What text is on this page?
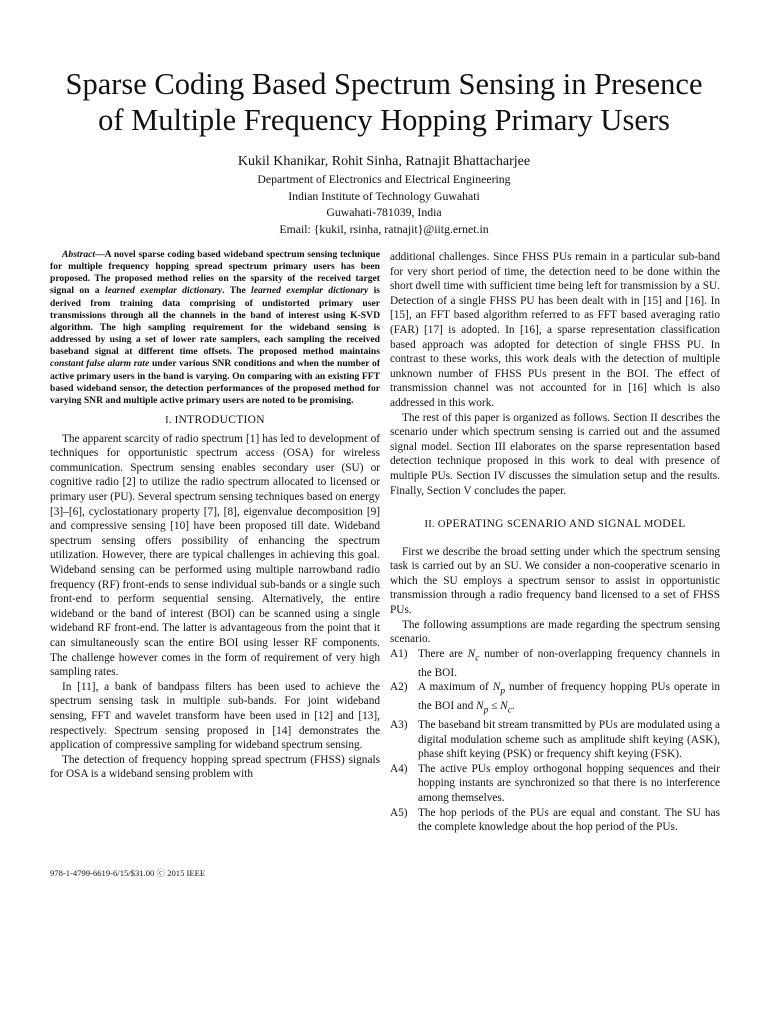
Sparse Coding Based Spectrum Sensing in Presence
of Multiple Frequency Hopping Primary Users
Kukil Khanikar, Rohit Sinha, Ratnajit Bhattacharjee
Department of Electronics and Electrical Engineering
Indian Institute of Technology Guwahati
Guwahati-781039, India
Email: {kukil, rsinha, ratnajit}@iitg.ernet.in

Abstract—A novel sparse coding based wideband spectrum sensing technique for multiple frequency hopping spread spectrum primary users has been proposed. The proposed method relies on the sparsity of the received target signal on a learned exemplar dictionary. The learned exemplar dictionary is derived from training data comprising of undistorted primary user transmissions through all the channels in the band of interest using K-SVD algorithm. The high sampling requirement for the wideband sensing is addressed by using a set of lower rate samplers, each sampling the received baseband signal at different time offsets. The proposed method maintains constant false alarm rate under various SNR conditions and when the number of active primary users in the band is varying. On comparing with an existing FFT based wideband sensor, the detection performances of the proposed method for varying SNR and multiple active primary users are noted to be promising.

I. INTRODUCTION

The apparent scarcity of radio spectrum [1] has led to development of techniques for opportunistic spectrum access (OSA) for wireless communication. Spectrum sensing enables secondary user (SU) or cognitive radio [2] to utilize the radio spectrum allocated to licensed or primary user (PU). Several spectrum sensing techniques based on energy [3]–[6], cyclostationary property [7], [8], eigenvalue decomposition [9] and compressive sensing [10] have been proposed till date. Wideband spectrum sensing offers possibility of enhancing the spectrum utilization. However, there are typical challenges in achieving this goal. Wideband sensing can be performed using multiple narrowband radio frequency (RF) front-ends to sense individual sub-bands or a single such front-end to perform sequential sensing. Alternatively, the entire wideband or the band of interest (BOI) can be scanned using a single wideband RF front-end. The latter is advantageous from the point that it can simultaneously scan the entire BOI using lesser RF components. The challenge however comes in the form of requirement of very high sampling rates.

In [11], a bank of bandpass filters has been used to achieve the spectrum sensing task in multiple sub-bands. For joint wideband sensing, FFT and wavelet transform have been used in [12] and [13], respectively. Spectrum sensing proposed in [14] demonstrates the application of compressive sampling for wideband spectrum sensing.

The detection of frequency hopping spread spectrum (FHSS) signals for OSA is a wideband sensing problem with

additional challenges. Since FHSS PUs remain in a particular sub-band for very short period of time, the detection need to be done within the short dwell time with sufficient time being left for transmission by a SU. Detection of a single FHSS PU has been dealt with in [15] and [16]. In [15], an FFT based algorithm referred to as FFT based averaging ratio (FAR) [17] is adopted. In [16], a sparse representation classification based approach was adopted for detection of single FHSS PU. In contrast to these works, this work deals with the detection of multiple unknown number of FHSS PUs present in the BOI. The effect of transmission channel was not accounted for in [16] which is also addressed in this work.

The rest of this paper is organized as follows. Section II describes the scenario under which spectrum sensing is carried out and the assumed signal model. Section III elaborates on the sparse representation based detection technique proposed in this work to deal with presence of multiple PUs. Section IV discusses the simulation setup and the results. Finally, Section V concludes the paper.

II. OPERATING SCENARIO AND SIGNAL MODEL

First we describe the broad setting under which the spectrum sensing task is carried out by an SU. We consider a non-cooperative scenario in which the SU employs a spectrum sensor to assist in opportunistic transmission through a radio frequency band licensed to a set of FHSS PUs.

The following assumptions are made regarding the spectrum sensing scenario.

A1) There are $N_c$ number of non-overlapping frequency channels in the BOI.
A2) A maximum of $N_p$ number of frequency hopping PUs operate in the BOI and $N_p \le N_c$.
A3) The baseband bit stream transmitted by PUs are modulated using a digital modulation scheme such as amplitude shift keying (ASK), phase shift keying (PSK) or frequency shift keying (FSK).
A4) The active PUs employ orthogonal hopping sequences and their hopping instants are synchronized so that there is no interference among themselves.
A5) The hop periods of the PUs are equal and constant. The SU has the complete knowledge about the hop period of the PUs.
978-1-4799-6619-6/15/$31.00 ⓒ 2015 IEEE
